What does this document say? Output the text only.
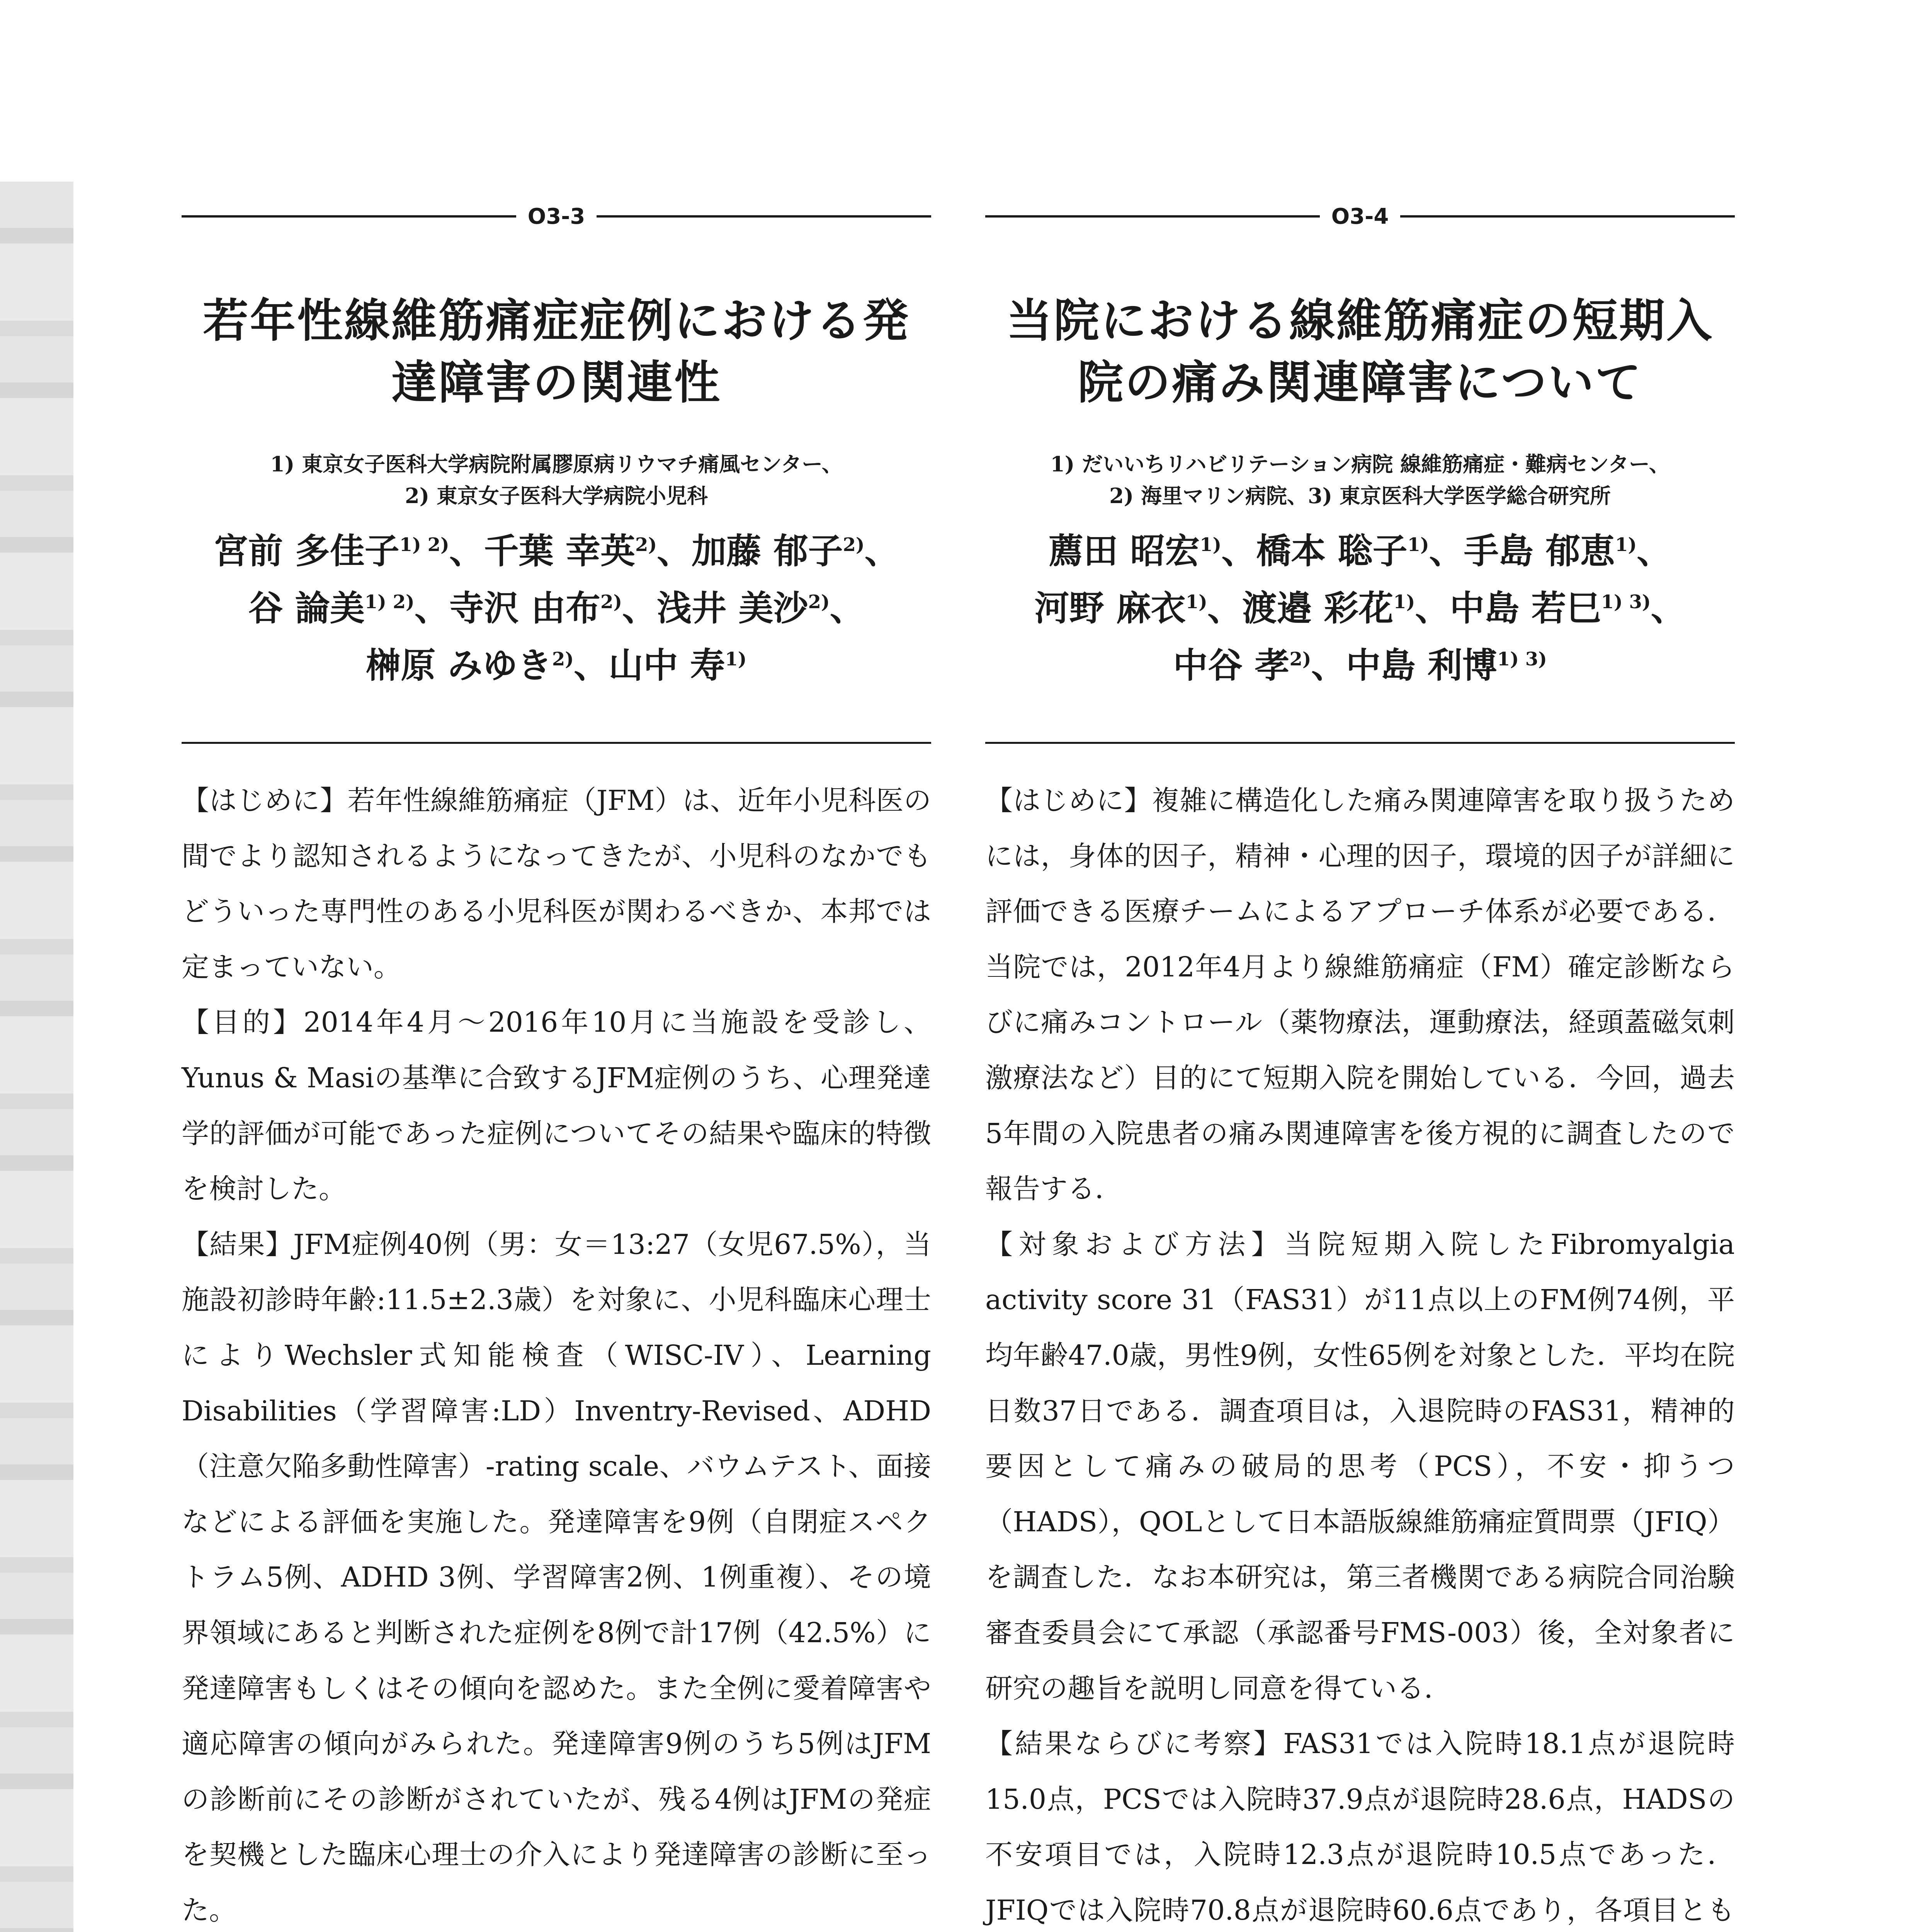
O3-3
若年性線維筋痛症症例における発
達障害の関連性
1) 東京女子医科大学病院附属膠原病リウマチ痛風センター、
2) 東京女子医科大学病院小児科
宮前 多佳子$^{1) 2)}$、千葉 幸英$^{2)}$、加藤 郁子$^{2)}$、
谷 論美$^{1) 2)}$、寺沢 由布$^{2)}$、浅井 美沙$^{2)}$、
榊原 みゆき$^{2)}$、山中 寿$^{1)}$

【はじめに】若年性線維筋痛症（JFM）は、近年小児科医の間でより認知されるようになってきたが、小児科のなかでもどういった専門性のある小児科医が関わるべきか、本邦では定まっていない。

【目的】2014年4月～2016年10月に当施設を受診し、Yunus & Masiの基準に合致するJFM症例のうち、心理発達学的評価が可能であった症例についてその結果や臨床的特徴を検討した。

【結果】JFM症例40例（男：女＝13:27（女児67.5%），当施設初診時年齢:11.5±2.3歳）を対象に、小児科臨床心理士によりWechsler式知能検査（WISC-IV）、Learning Disabilities（学習障害:LD）Inventry-Revised、ADHD（注意欠陥多動性障害）-rating scale、バウムテスト、面接などによる評価を実施した。発達障害を9例（自閉症スペクトラム5例、ADHD 3例、学習障害2例、1例重複）、その境界領域にあると判断された症例を8例で計17例（42.5%）に発達障害もしくはその傾向を認めた。また全例に愛着障害や適応障害の傾向がみられた。発達障害9例のうち5例はJFMの診断前にその診断がされていたが、残る4例はJFMの発症を契機とした臨床心理士の介入により発達障害の診断に至った。

O3-4
当院における線維筋痛症の短期入
院の痛み関連障害について
1) だいいちリハビリテーション病院 線維筋痛症・難病センター、
2) 海里マリン病院、3) 東京医科大学医学総合研究所
薦田 昭宏$^{1)}$、橋本 聡子$^{1)}$、手島 郁恵$^{1)}$、
河野 麻衣$^{1)}$、渡邉 彩花$^{1)}$、中島 若巳$^{1) 3)}$、
中谷 孝$^{2)}$、中島 利博$^{1) 3)}$

【はじめに】複雑に構造化した痛み関連障害を取り扱うためには，身体的因子，精神・心理的因子，環境的因子が詳細に評価できる医療チームによるアプローチ体系が必要である．当院では，2012年4月より線維筋痛症（FM）確定診断ならびに痛みコントロール（薬物療法，運動療法，経頭蓋磁気刺激療法など）目的にて短期入院を開始している．今回，過去5年間の入院患者の痛み関連障害を後方視的に調査したので報告する．

【対象および方法】当院短期入院したFibromyalgia activity score 31（FAS31）が11点以上のFM例74例，平均年齢47.0歳，男性9例，女性65例を対象とした．平均在院日数37日である．調査項目は，入退院時のFAS31，精神的要因として痛みの破局的思考（PCS），不安・抑うつ（HADS），QOLとして日本語版線維筋痛症質問票（JFIQ）を調査した．なお本研究は，第三者機関である病院合同治験審査委員会にて承認（承認番号FMS-003）後，全対象者に研究の趣旨を説明し同意を得ている．

【結果ならびに考察】FAS31では入院時18.1点が退院時15.0点，PCSでは入院時37.9点が退院時28.6点，HADSの不安項目では，入院時12.3点が退院時10.5点であった．JFIQでは入院時70.8点が退院時60.6点であり，各項目とも
